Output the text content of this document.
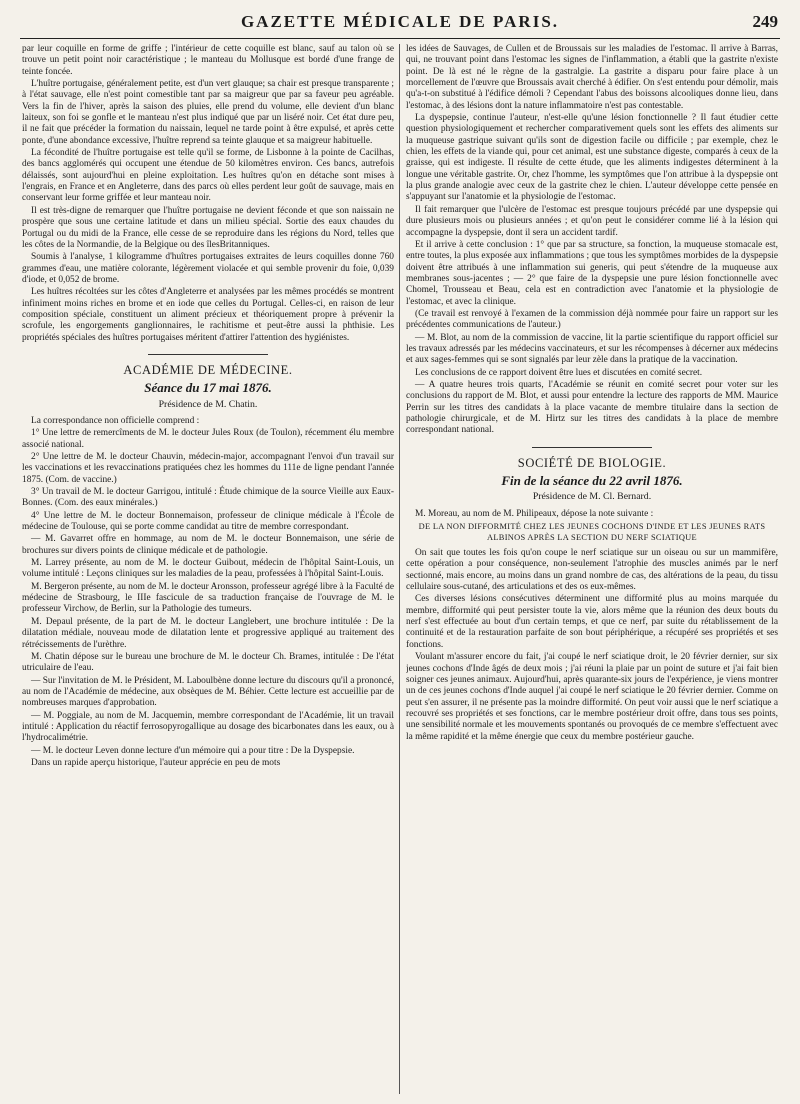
GAZETTE MÉDICALE DE PARIS.	249

par leur coquille en forme de griffe ; l'intérieur de cette coquille est blanc, sauf au talon où se trouve un petit point noir caractéristique ; le manteau du Mollusque est bordé d'une frange de teinte foncée.

L'huître portugaise, généralement petite, est d'un vert glauque; sa chair est presque transparente ; à l'état sauvage, elle n'est point comestible tant par sa maigreur que par sa faveur peu agréable. Vers la fin de l'hiver, après la saison des pluies, elle prend du volume, elle devient d'un blanc laiteux, son foi se gonfle et le manteau n'est plus indiqué que par un liséré noir. Cet état dure peu, il ne fait que précéder la formation du naissain, lequel ne tarde point à être expulsé, et après cette ponte, d'une abondance excessive, l'huître reprend sa teinte glauque et sa maigreur habituelle.

La fécondité de l'huître portugaise est telle qu'il se forme, de Lisbonne à la pointe de Cacilhas, des bancs agglomérés qui occupent une étendue de 50 kilomètres environ. Ces bancs, autrefois délaissés, sont aujourd'hui en pleine exploitation. Les huîtres qu'on en détache sont mises à l'engrais, en France et en Angleterre, dans des parcs où elles perdent leur goût de sauvage, mais en conservant leur forme griffée et leur manteau noir.

Il est très-digne de remarquer que l'huître portugaise ne devient féconde et que son naissain ne prospère que sous une certaine latitude et dans un milieu spécial. Sortie des eaux chaudes du Portugal ou du midi de la France, elle cesse de se reproduire dans les régions du Nord, telles que les côtes de la Normandie, de la Belgique ou des îlesBritanniques.

Soumis à l'analyse, 1 kilogramme d'huîtres portugaises extraites de leurs coquilles donne 760 grammes d'eau, une matière colorante, légèrement violacée et qui semble provenir du foie, 0,039 d'iode, et 0,052 de brome.

Les huîtres récoltées sur les côtes d'Angleterre et analysées par les mêmes procédés se montrent infiniment moins riches en brome et en iode que celles du Portugal. Celles-ci, en raison de leur composition spéciale, constituent un aliment précieux et théoriquement propre à prévenir la scrofule, les engorgements ganglionnaires, le rachitisme et peut-être aussi la phthisie. Les propriétés spéciales des huîtres portugaises méritent d'attirer l'attention des hygiénistes.

ACADÉMIE DE MÉDECINE.
Séance du 17 mai 1876.
Présidence de M. Chatin.

La correspondance non officielle comprend :

1° Une lettre de remercîments de M. le docteur Jules Roux (de Toulon), récemment élu membre associé national.

2° Une lettre de M. le docteur Chauvin, médecin-major, accompagnant l'envoi d'un travail sur les vaccinations et les revaccinations pratiquées chez les hommes du 111e de ligne pendant l'année 1875. (Com. de vaccine.)

3° Un travail de M. le docteur Garrigou, intitulé : Étude chimique de la source Vieille aux Eaux-Bonnes. (Com. des eaux minérales.)

4° Une lettre de M. le docteur Bonnemaison, professeur de clinique médicale à l'École de médecine de Toulouse, qui se porte comme candidat au titre de membre correspondant.

— M. Gavarret offre en hommage, au nom de M. le docteur Bonnemaison, une série de brochures sur divers points de clinique médicale et de pathologie.

M. Larrey présente, au nom de M. le docteur Guibout, médecin de l'hôpital Saint-Louis, un volume intitulé : Leçons cliniques sur les maladies de la peau, professées à l'hôpital Saint-Louis.

M. Bergeron présente, au nom de M. le docteur Aronsson, professeur agrégé libre à la Faculté de médecine de Strasbourg, le IIIe fascicule de sa traduction française de l'ouvrage de M. le professeur Virchow, de Berlin, sur la Pathologie des tumeurs.

M. Depaul présente, de la part de M. le docteur Langlebert, une brochure intitulée : De la dilatation médiale, nouveau mode de dilatation lente et progressive appliqué au traitement des rétrécissements de l'urèthre.

M. Chatin dépose sur le bureau une brochure de M. le docteur Ch. Brames, intitulée : De l'état utriculaire de l'eau.

— Sur l'invitation de M. le Président, M. Laboulbène donne lecture du discours qu'il a prononcé, au nom de l'Académie de médecine, aux obsèques de M. Béhier. Cette lecture est accueillie par de nombreuses marques d'approbation.

— M. Poggiale, au nom de M. Jacquemin, membre correspondant de l'Académie, lit un travail intitulé : Application du réactif ferrosopyrogallique au dosage des bicarbonates dans les eaux, ou à l'hydrocalimétrie.

— M. le docteur Leven donne lecture d'un mémoire qui a pour titre : De la Dyspepsie.

Dans un rapide aperçu historique, l'auteur apprécie en peu de mots

les idées de Sauvages, de Cullen et de Broussais sur les maladies de l'estomac. Il arrive à Barras, qui, ne trouvant point dans l'estomac les signes de l'inflammation, a établi que la gastrite n'existe point. De là est né le règne de la gastralgie. La gastrite a disparu pour faire place à un morcellement de l'œuvre que Broussais avait cherché à édifier. On s'est entendu pour démolir, mais qu'a-t-on substitué à l'édifice démoli ? Cependant l'abus des boissons alcooliques donne lieu, dans l'estomac, à des lésions dont la nature inflammatoire n'est pas contestable.

La dyspepsie, continue l'auteur, n'est-elle qu'une lésion fonctionnelle ? Il faut étudier cette question physiologiquement et rechercher comparativement quels sont les effets des aliments sur la muqueuse gastrique suivant qu'ils sont de digestion facile ou difficile ; par exemple, chez le chien, les effets de la viande qui, pour cet animal, est une substance digeste, comparés à ceux de la graisse, qui est indigeste. Il résulte de cette étude, que les aliments indigestes déterminent à la longue une véritable gastrite. Or, chez l'homme, les symptômes que l'on attribue à la dyspepsie ont la plus grande analogie avec ceux de la gastrite chez le chien. L'auteur développe cette pensée en s'appuyant sur l'anatomie et la physiologie de l'estomac.

Il fait remarquer que l'ulcère de l'estomac est presque toujours précédé par une dyspepsie qui dure plusieurs mois ou plusieurs années ; et qu'on peut le considérer comme lié à la lésion qui accompagne la dyspepsie, dont il sera un accident tardif.

Et il arrive à cette conclusion : 1° que par sa structure, sa fonction, la muqueuse stomacale est, entre toutes, la plus exposée aux inflammations ; que tous les symptômes morbides de la dyspepsie doivent être attribués à une inflammation sui generis, qui peut s'étendre de la muqueuse aux membranes sous-jacentes ; — 2° que faire de la dyspepsie une pure lésion fonctionnelle avec Chomel, Trousseau et Beau, cela est en contradiction avec l'anatomie et la physiologie de l'estomac, et avec la clinique.

(Ce travail est renvoyé à l'examen de la commission déjà nommée pour faire un rapport sur les précédentes communications de l'auteur.)

— M. Blot, au nom de la commission de vaccine, lit la partie scientifique du rapport officiel sur les travaux adressés par les médecins vaccinateurs, et sur les récompenses à décerner aux médecins et aux sages-femmes qui se sont signalés par leur zèle dans la pratique de la vaccination.

Les conclusions de ce rapport doivent être lues et discutées en comité secret.

— A quatre heures trois quarts, l'Académie se réunit en comité secret pour voter sur les conclusions du rapport de M. Blot, et aussi pour entendre la lecture des rapports de MM. Maurice Perrin sur les titres des candidats à la place vacante de membre titulaire dans la section de pathologie chirurgicale, et de M. Hirtz sur les titres des candidats à la place de membre correspondant national.

SOCIÉTÉ DE BIOLOGIE.
Fin de la séance du 22 avril 1876.
Présidence de M. Cl. Bernard.

M. Moreau, au nom de M. Philipeaux, dépose la note suivante :

DE LA NON DIFFORMITÉ CHEZ LES JEUNES COCHONS D'INDE ET LES JEUNES RATS ALBINOS APRÈS LA SECTION DU NERF SCIATIQUE

On sait que toutes les fois qu'on coupe le nerf sciatique sur un oiseau ou sur un mammifère, cette opération a pour conséquence, non-seulement l'atrophie des muscles animés par le nerf sectionné, mais encore, au moins dans un grand nombre de cas, des altérations de la peau, du tissu cellulaire sous-cutané, des articulations et des os eux-mêmes.

Ces diverses lésions consécutives déterminent une difformité plus au moins marquée du membre, difformité qui peut persister toute la vie, alors même que la réunion des deux bouts du nerf s'est effectuée au bout d'un certain temps, et que ce nerf, par suite du rétablissement de la continuité et de la restauration parfaite de son bout périphérique, a récupéré ses propriétés et ses fonctions.

Voulant m'assurer encore du fait, j'ai coupé le nerf sciatique droit, le 20 février dernier, sur six jeunes cochons d'Inde âgés de deux mois ; j'ai réuni la plaie par un point de suture et j'ai fait bien soigner ces jeunes animaux. Aujourd'hui, après quarante-six jours de l'expérience, je viens montrer un de ces jeunes cochons d'Inde auquel j'ai coupé le nerf sciatique le 20 février dernier. Comme on peut s'en assurer, il ne présente pas la moindre difformité. On peut voir aussi que le nerf sciatique a recouvré ses propriétés et ses fonctions, car le membre postérieur droit offre, dans tous ses points, une sensibilité normale et les mouvements spontanés ou provoqués de ce membre s'effectuent avec la même rapidité et la même énergie que ceux du membre postérieur gauche.
